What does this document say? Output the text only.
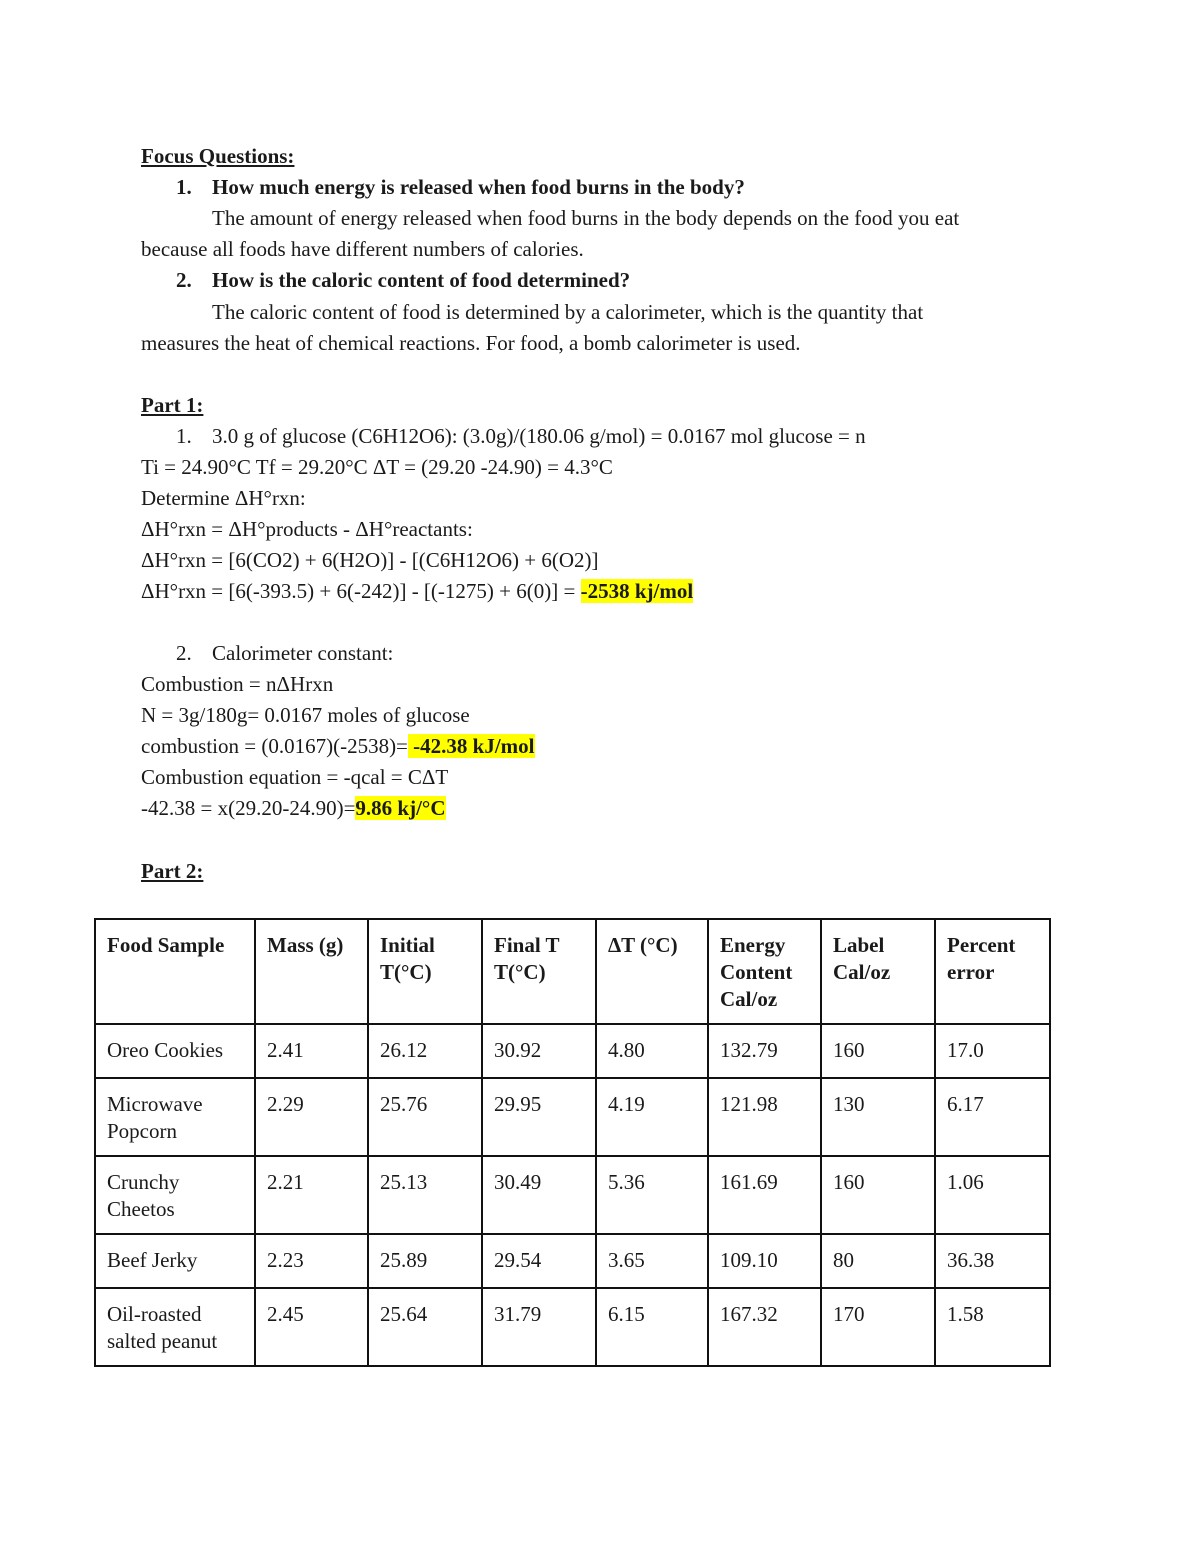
Focus Questions:
1. How much energy is released when food burns in the body?
The amount of energy released when food burns in the body depends on the food you eat
because all foods have different numbers of calories.
2. How is the caloric content of food determined?
The caloric content of food is determined by a calorimeter, which is the quantity that
measures the heat of chemical reactions. For food, a bomb calorimeter is used.
Part 1:
1. 3.0 g of glucose (C6H12O6): (3.0g)/(180.06 g/mol) = 0.0167 mol glucose = n
Ti = 24.90°C Tf = 29.20°C ΔT = (29.20 -24.90) = 4.3°C
Determine ΔH°rxn:
ΔH°rxn = ΔH°products - ΔH°reactants:
ΔH°rxn = [6(CO2) + 6(H2O)] - [(C6H12O6) + 6(O2)]
ΔH°rxn = [6(-393.5) + 6(-242)] - [(-1275) + 6(0)] = -2538 kj/mol
2. Calorimeter constant:
Combustion = nΔHrxn
N = 3g/180g= 0.0167 moles of glucose
combustion = (0.0167)(-2538)= -42.38 kJ/mol
Combustion equation = -qcal = CΔT
-42.38 = x(29.20-24.90)=9.86 kj/°C
Part 2:
Food Sample	Mass (g)	Initial T(°C)	Final T T(°C)	ΔT (°C)	Energy Content Cal/oz	Label Cal/oz	Percent error
Oreo Cookies	2.41	26.12	30.92	4.80	132.79	160	17.0
Microwave Popcorn	2.29	25.76	29.95	4.19	121.98	130	6.17
Crunchy Cheetos	2.21	25.13	30.49	5.36	161.69	160	1.06
Beef Jerky	2.23	25.89	29.54	3.65	109.10	80	36.38
Oil-roasted salted peanut	2.45	25.64	31.79	6.15	167.32	170	1.58
